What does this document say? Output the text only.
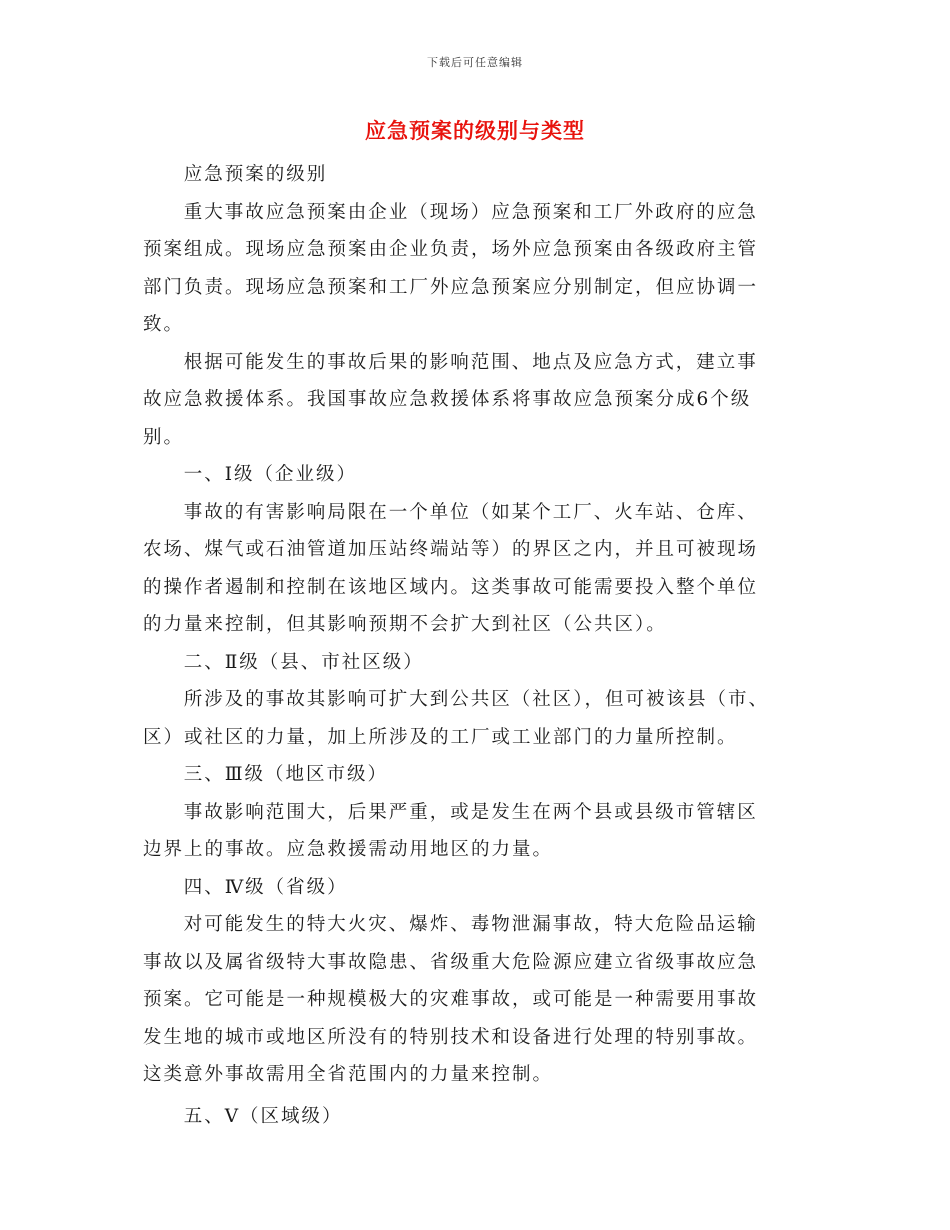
下载后可任意编辑
应急预案的级别与类型

应急预案的级别

重大事故应急预案由企业（现场）应急预案和工厂外政府的应急
预案组成。现场应急预案由企业负责，场外应急预案由各级政府主管
部门负责。现场应急预案和工厂外应急预案应分别制定，但应协调一
致。

根据可能发生的事故后果的影响范围、地点及应急方式，建立事
故应急救援体系。我国事故应急救援体系将事故应急预案分成6个级
别。

一、Ⅰ级（企业级）

事故的有害影响局限在一个单位（如某个工厂、火车站、仓库、
农场、煤气或石油管道加压站终端站等）的界区之内，并且可被现场
的操作者遏制和控制在该地区域内。这类事故可能需要投入整个单位
的力量来控制，但其影响预期不会扩大到社区（公共区）。

二、Ⅱ级（县、市社区级）

所涉及的事故其影响可扩大到公共区（社区），但可被该县（市、
区）或社区的力量，加上所涉及的工厂或工业部门的力量所控制。

三、Ⅲ级（地区市级）

事故影响范围大，后果严重，或是发生在两个县或县级市管辖区
边界上的事故。应急救援需动用地区的力量。

四、Ⅳ级（省级）

对可能发生的特大火灾、爆炸、毒物泄漏事故，特大危险品运输
事故以及属省级特大事故隐患、省级重大危险源应建立省级事故应急
预案。它可能是一种规模极大的灾难事故，或可能是一种需要用事故
发生地的城市或地区所没有的特别技术和设备进行处理的特别事故。
这类意外事故需用全省范围内的力量来控制。

五、Ⅴ（区域级）
